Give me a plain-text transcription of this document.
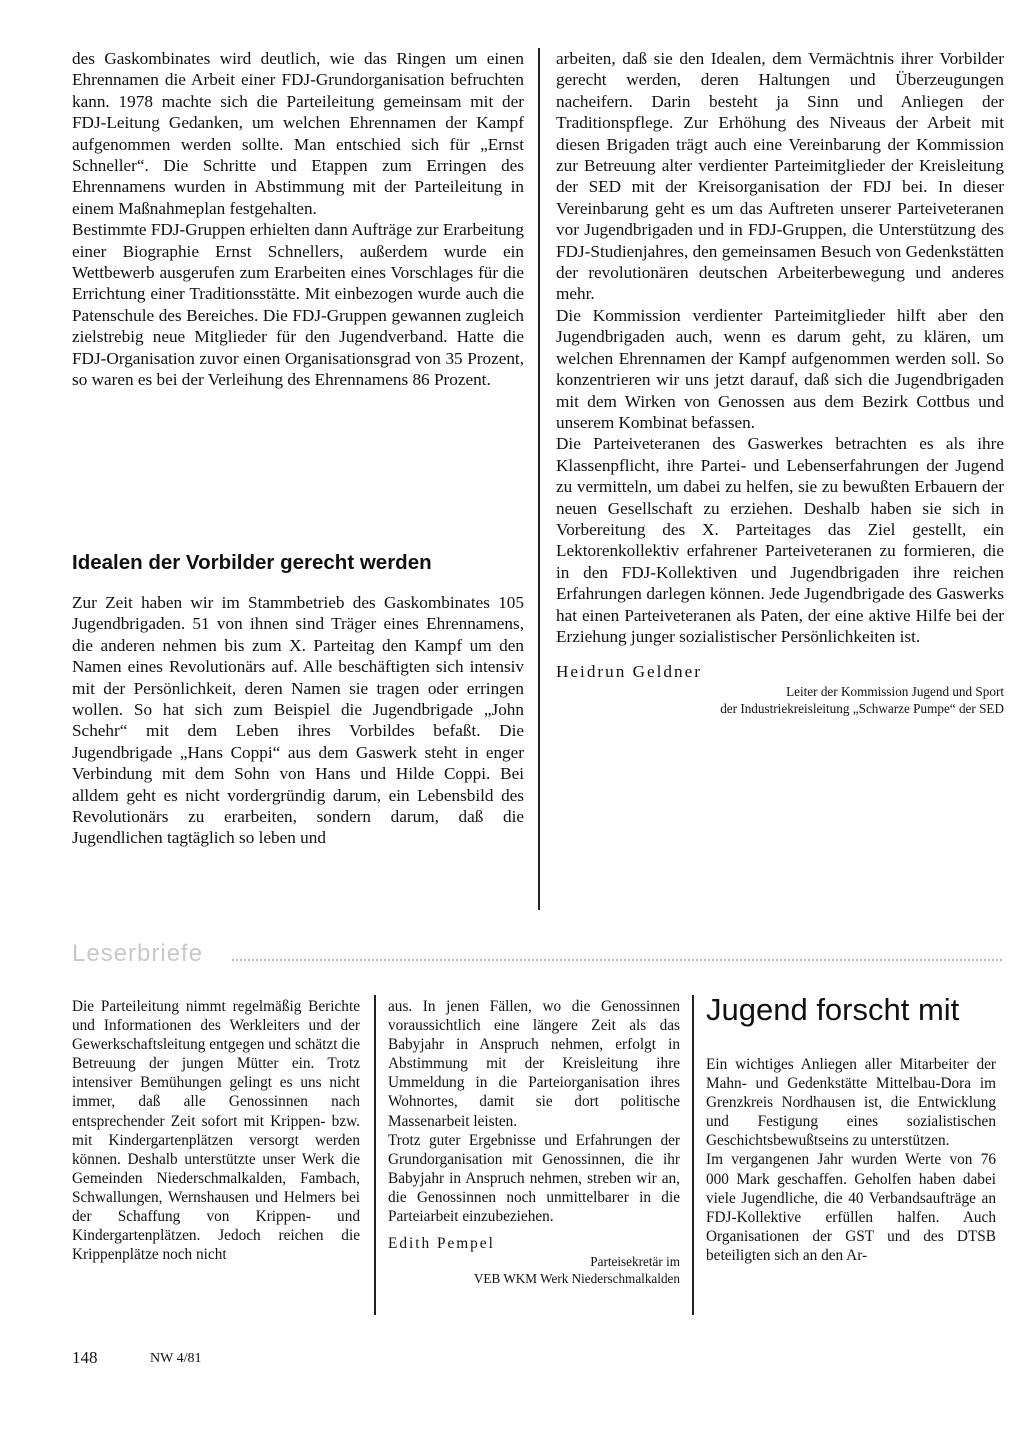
des Gaskombinates wird deutlich, wie das Ringen um einen Ehrennamen die Arbeit einer FDJ-Grundorganisation befruchten kann. 1978 machte sich die Parteileitung gemeinsam mit der FDJ-Leitung Gedanken, um welchen Ehrennamen der Kampf aufgenommen werden sollte. Man entschied sich für „Ernst Schneller“. Die Schritte und Etappen zum Erringen des Ehrennamens wurden in Abstimmung mit der Parteileitung in einem Maßnahmeplan festgehalten.

Bestimmte FDJ-Gruppen erhielten dann Aufträge zur Erarbeitung einer Biographie Ernst Schnellers, außerdem wurde ein Wettbewerb ausgerufen zum Erarbeiten eines Vorschlages für die Errichtung einer Traditionsstätte. Mit einbezogen wurde auch die Patenschule des Bereiches. Die FDJ-Gruppen gewannen zugleich zielstrebig neue Mitglieder für den Jugendverband. Hatte die FDJ-Organisation zuvor einen Organisationsgrad von 35 Prozent, so waren es bei der Verleihung des Ehrennamens 86 Prozent.

Idealen der Vorbilder gerecht werden

Zur Zeit haben wir im Stammbetrieb des Gaskombinates 105 Jugendbrigaden. 51 von ihnen sind Träger eines Ehrennamens, die anderen nehmen bis zum X. Parteitag den Kampf um den Namen eines Revolutionärs auf. Alle beschäftigten sich intensiv mit der Persönlichkeit, deren Namen sie tragen oder erringen wollen. So hat sich zum Beispiel die Jugendbrigade „John Schehr“ mit dem Leben ihres Vorbildes befaßt. Die Jugendbrigade „Hans Coppi“ aus dem Gaswerk steht in enger Verbindung mit dem Sohn von Hans und Hilde Coppi. Bei alldem geht es nicht vordergründig darum, ein Lebensbild des Revolutionärs zu erarbeiten, sondern darum, daß die Jugendlichen tagtäglich so leben und

arbeiten, daß sie den Idealen, dem Vermächtnis ihrer Vorbilder gerecht werden, deren Haltungen und Überzeugungen nacheifern. Darin besteht ja Sinn und Anliegen der Traditionspflege. Zur Erhöhung des Niveaus der Arbeit mit diesen Brigaden trägt auch eine Vereinbarung der Kommission zur Betreuung alter verdienter Parteimitglieder der Kreisleitung der SED mit der Kreisorganisation der FDJ bei. In dieser Vereinbarung geht es um das Auftreten unserer Parteiveteranen vor Jugendbrigaden und in FDJ-Gruppen, die Unterstützung des FDJ-Studienjahres, den gemeinsamen Besuch von Gedenkstätten der revolutionären deutschen Arbeiterbewegung und anderes mehr.

Die Kommission verdienter Parteimitglieder hilft aber den Jugendbrigaden auch, wenn es darum geht, zu klären, um welchen Ehrennamen der Kampf aufgenommen werden soll. So konzentrieren wir uns jetzt darauf, daß sich die Jugendbrigaden mit dem Wirken von Genossen aus dem Bezirk Cottbus und unserem Kombinat befassen.

Die Parteiveteranen des Gaswerkes betrachten es als ihre Klassenpflicht, ihre Partei- und Lebenserfahrungen der Jugend zu vermitteln, um dabei zu helfen, sie zu bewußten Erbauern der neuen Gesellschaft zu erziehen. Deshalb haben sie sich in Vorbereitung des X. Parteitages das Ziel gestellt, ein Lektorenkollektiv erfahrener Parteiveteranen zu formieren, die in den FDJ-Kollektiven und Jugendbrigaden ihre reichen Erfahrungen darlegen können. Jede Jugendbrigade des Gaswerks hat einen Parteiveteranen als Paten, der eine aktive Hilfe bei der Erziehung junger sozialistischer Persönlichkeiten ist.

Heidrun Geldner

Leiter der Kommission Jugend und Sport

der Industriekreisleitung „Schwarze Pumpe“ der SED

Leserbriefe

Die Parteileitung nimmt regelmäßig Berichte und Informationen des Werkleiters und der Gewerkschaftsleitung entgegen und schätzt die Betreuung der jungen Mütter ein. Trotz intensiver Bemühungen gelingt es uns nicht immer, daß alle Genossinnen nach entsprechender Zeit sofort mit Krippen- bzw. mit Kindergartenplätzen versorgt werden können. Deshalb unterstützte unser Werk die Gemeinden Niederschmalkalden, Fambach, Schwallungen, Wernshausen und Helmers bei der Schaffung von Krippen- und Kindergartenplätzen. Jedoch reichen die Krippenplätze noch nicht

aus. In jenen Fällen, wo die Genossinnen voraussichtlich eine längere Zeit als das Babyjahr in Anspruch nehmen, erfolgt in Abstimmung mit der Kreisleitung ihre Ummeldung in die Parteiorganisation ihres Wohnortes, damit sie dort politische Massenarbeit leisten.

Trotz guter Ergebnisse und Erfahrungen der Grundorganisation mit Genossinnen, die ihr Babyjahr in Anspruch nehmen, streben wir an, die Genossinnen noch unmittelbarer in die Parteiarbeit einzubeziehen.

Edith Pempel

Parteisekretär im

VEB WKM Werk Niederschmalkalden

Jugend forscht mit

Ein wichtiges Anliegen aller Mitarbeiter der Mahn- und Gedenkstätte Mittelbau-Dora im Grenzkreis Nordhausen ist, die Entwicklung und Festigung eines sozialistischen Geschichtsbewußtseins zu unterstützen.

Im vergangenen Jahr wurden Werte von 76 000 Mark geschaffen. Geholfen haben dabei viele Jugendliche, die 40 Verbandsaufträge an FDJ-Kollektive erfüllen halfen. Auch Organisationen der GST und des DTSB beteiligten sich an den Ar-

148	NW 4/81
